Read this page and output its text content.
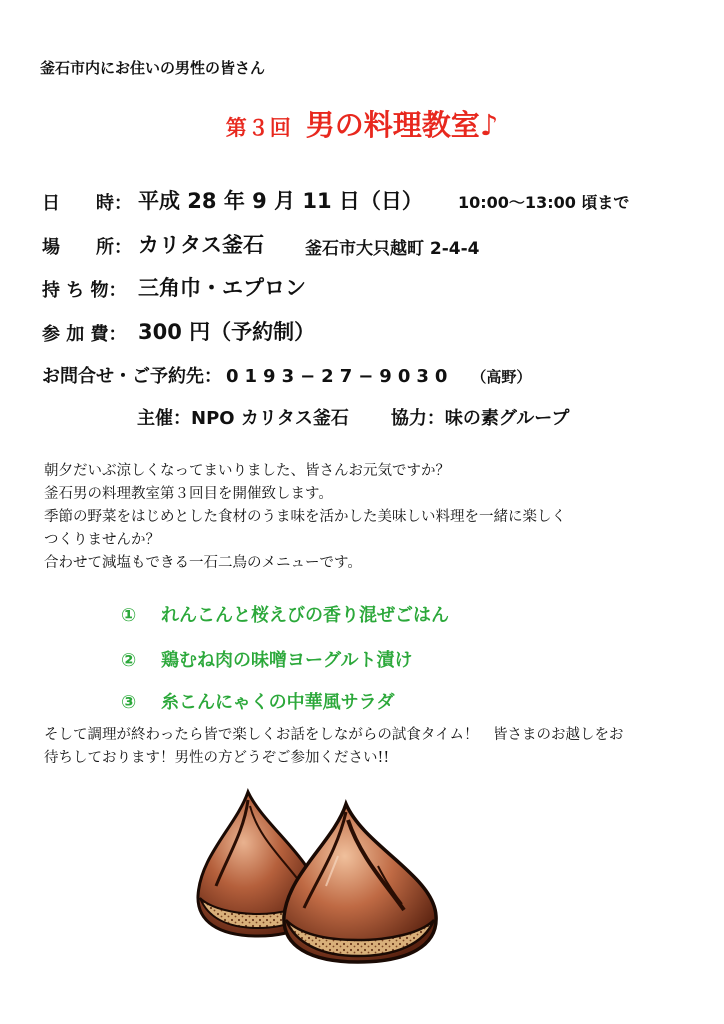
釜石市内にお住いの男性の皆さん
第３回 男の料理教室♪
日　　時： 平成 28 年 9 月 11 日（日） 10:00～13:00 頃まで
場　　所： カリタス釜石 釜石市大只越町 2-4-4
持 ち 物： 三角巾・エプロン
参 加 費： 300 円（予約制）
お問合せ・ご予約先： 0193−27−9030 （高野）
主催：NPO カリタス釜石 協力：味の素グループ
朝夕だいぶ涼しくなってまいりました、皆さんお元気ですか？
釜石男の料理教室第３回目を開催致します。
季節の野菜をはじめとした食材のうま味を活かした美味しい料理を一緒に楽しく
つくりませんか？
合わせて減塩もできる一石二鳥のメニューです。
① れんこんと桜えびの香り混ぜごはん
② 鶏むね肉の味噌ヨーグルト漬け
③ 糸こんにゃくの中華風サラダ
そして調理が終わったら皆で楽しくお話をしながらの試食タイム！　皆さまのお越しをお
待ちしております！男性の方どうぞご参加ください!!
